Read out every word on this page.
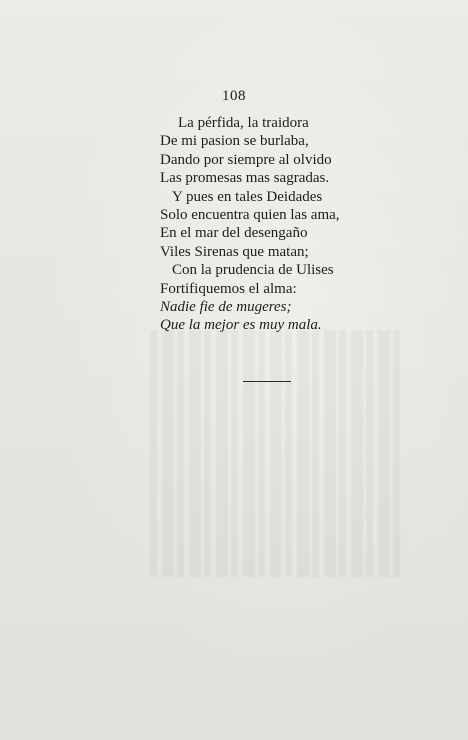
108
La pérfida, la traidora
De mi pasion se burlaba,
Dando por siempre al olvido
Las promesas mas sagradas.
Y pues en tales Deidades
Solo encuentra quien las ama,
En el mar del desengaño
Viles Sirenas que matan;
Con la prudencia de Ulises
Fortifiquemos el alma:
Nadie fie de mugeres;
Que la mejor es muy mala.
